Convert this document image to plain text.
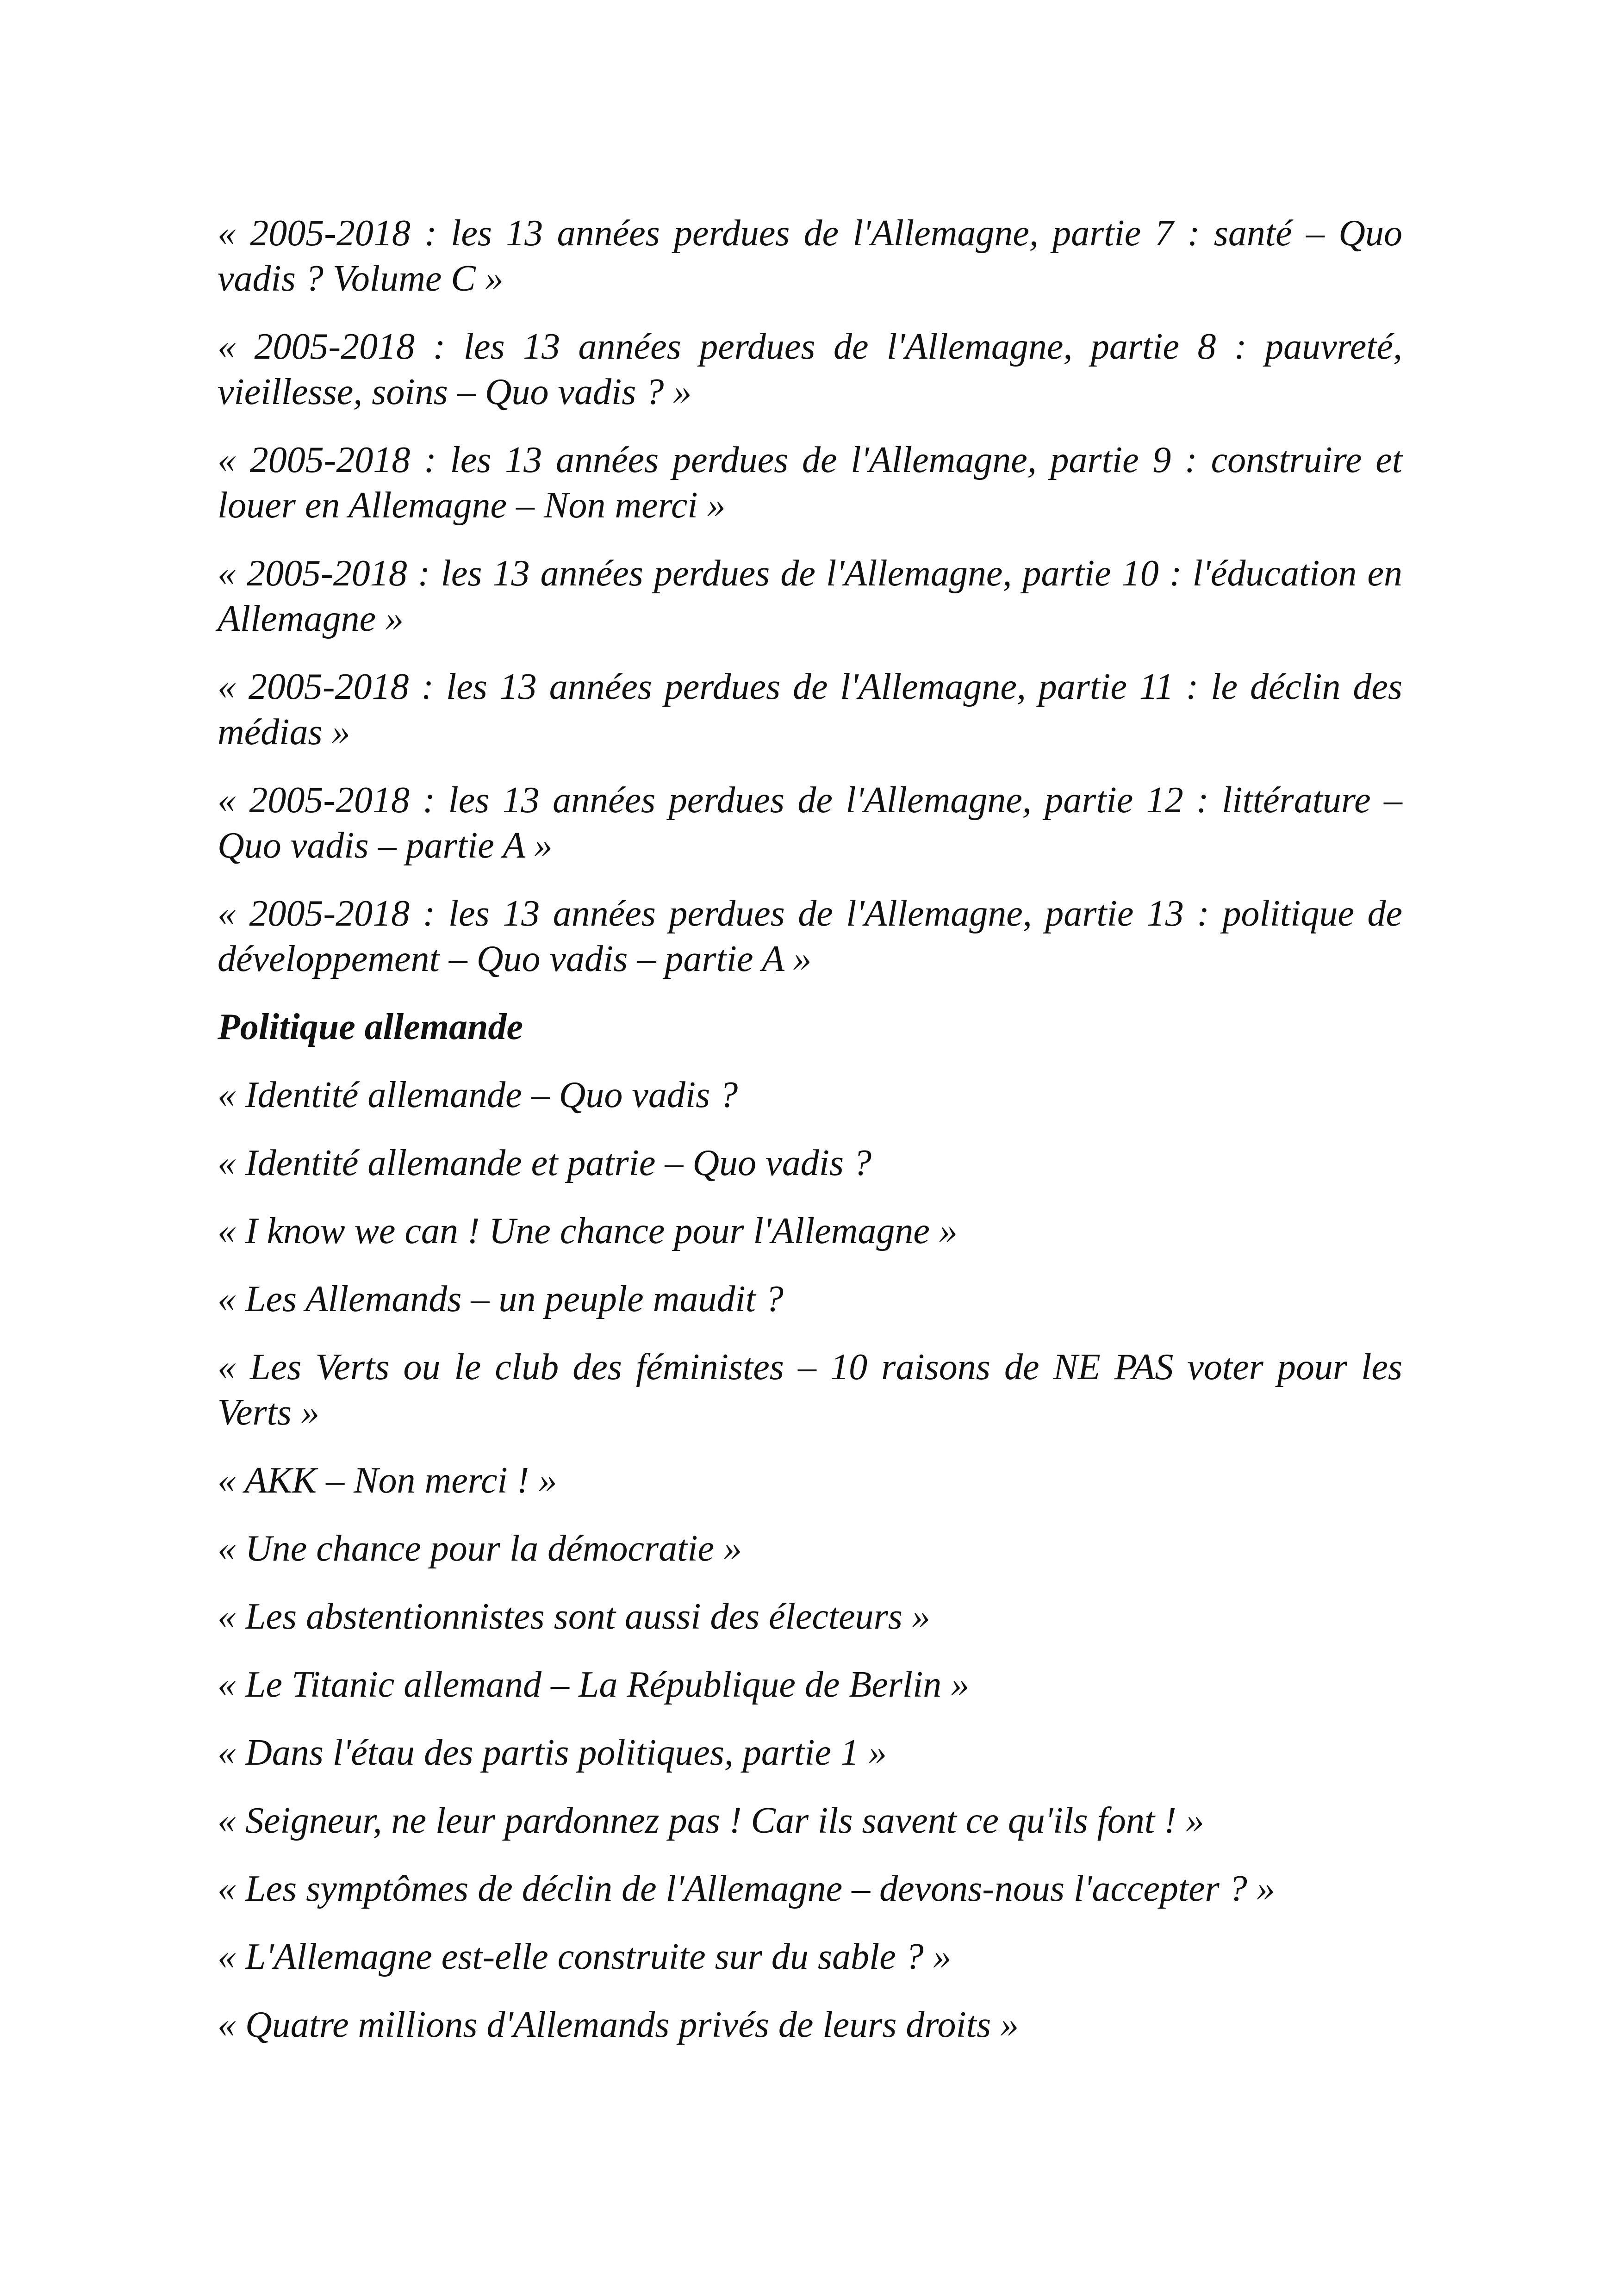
« 2005-2018 : les 13 années perdues de l'Allemagne, partie 7 : santé – Quo vadis ? Volume C »

« 2005-2018 : les 13 années perdues de l'Allemagne, partie 8 : pauvreté, vieillesse, soins – Quo vadis ? »

« 2005-2018 : les 13 années perdues de l'Allemagne, partie 9 : construire et louer en Allemagne – Non merci »

« 2005-2018 : les 13 années perdues de l'Allemagne, partie 10 : l'éducation en Allemagne »

« 2005-2018 : les 13 années perdues de l'Allemagne, partie 11 : le déclin des médias »

« 2005-2018 : les 13 années perdues de l'Allemagne, partie 12 : littérature – Quo vadis – partie A »

« 2005-2018 : les 13 années perdues de l'Allemagne, partie 13 : politique de développement – Quo vadis – partie A »

Politique allemande

« Identité allemande – Quo vadis ?

« Identité allemande et patrie – Quo vadis ?

« I know we can ! Une chance pour l'Allemagne »

« Les Allemands – un peuple maudit ?

« Les Verts ou le club des féministes – 10 raisons de NE PAS voter pour les Verts »

« AKK – Non merci ! »

« Une chance pour la démocratie »

« Les abstentionnistes sont aussi des électeurs »

« Le Titanic allemand – La République de Berlin »

« Dans l'étau des partis politiques, partie 1 »

« Seigneur, ne leur pardonnez pas ! Car ils savent ce qu'ils font ! »

« Les symptômes de déclin de l'Allemagne – devons-nous l'accepter ? »

« L'Allemagne est-elle construite sur du sable ? »

« Quatre millions d'Allemands privés de leurs droits »
